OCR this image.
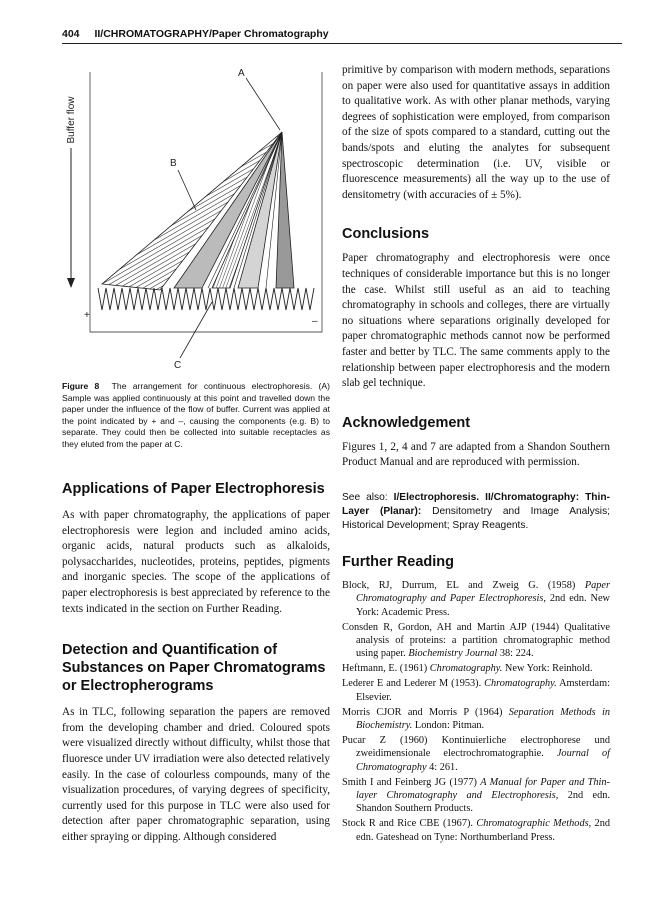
404 II/CHROMATOGRAPHY/Paper Chromatography
Buffer flow
A
B
C
+
–
Figure 8 The arrangement for continuous electrophoresis. (A) Sample was applied continuously at this point and travelled down the paper under the influence of the flow of buffer. Current was applied at the point indicated by + and –, causing the components (e.g. B) to separate. They could then be collected into suitable receptacles as they eluted from the paper at C.
Applications of Paper Electrophoresis

As with paper chromatography, the applications of paper electrophoresis were legion and included amino acids, organic acids, natural products such as alkaloids, polysaccharides, nucleotides, proteins, peptides, pigments and inorganic species. The scope of the applications of paper electrophoresis is best appreciated by reference to the texts indicated in the section on Further Reading.

Detection and Quantification of Substances on Paper Chromatograms or Electropherograms

As in TLC, following separation the papers are removed from the developing chamber and dried. Coloured spots were visualized directly without difficulty, whilst those that fluoresce under UV irradiation were also detected relatively easily. In the case of colourless compounds, many of the visualization procedures, of varying degrees of specificity, currently used for this purpose in TLC were also used for detection after paper chromatographic separation, using either spraying or dipping. Although considered

primitive by comparison with modern methods, separations on paper were also used for quantitative assays in addition to qualitative work. As with other planar methods, varying degrees of sophistication were employed, from comparison of the size of spots compared to a standard, cutting out the bands/spots and eluting the analytes for subsequent spectroscopic determination (i.e. UV, visible or fluorescence measurements) all the way up to the use of densitometry (with accuracies of ± 5%).

Conclusions

Paper chromatography and electrophoresis were once techniques of considerable importance but this is no longer the case. Whilst still useful as an aid to teaching chromatography in schools and colleges, there are virtually no situations where separations originally developed for paper chromatographic methods cannot now be performed faster and better by TLC. The same comments apply to the relationship between paper electrophoresis and the modern slab gel technique.

Acknowledgement

Figures 1, 2, 4 and 7 are adapted from a Shandon Southern Product Manual and are reproduced with permission.

See also: I/Electrophoresis. II/Chromatography: Thin-Layer (Planar): Densitometry and Image Analysis; Historical Development; Spray Reagents.

Further Reading

Block, RJ, Durrum, EL and Zweig G. (1958) Paper Chromatography and Paper Electrophoresis, 2nd edn. New York: Academic Press.

Consden R, Gordon, AH and Martin AJP (1944) Qualitative analysis of proteins: a partition chromatographic method using paper. Biochemistry Journal 38: 224.

Heftmann, E. (1961) Chromatography. New York: Reinhold.

Lederer E and Lederer M (1953). Chromatography. Amsterdam: Elsevier.

Morris CJOR and Morris P (1964) Separation Methods in Biochemistry. London: Pitman.

Pucar Z (1960) Kontinuierliche electrophorese und zweidimensionale electrochromatographie. Journal of Chromatography 4: 261.

Smith I and Feinberg JG (1977) A Manual for Paper and Thin-layer Chromatography and Electrophoresis, 2nd edn. Shandon Southern Products.

Stock R and Rice CBE (1967). Chromatographic Methods, 2nd edn. Gateshead on Tyne: Northumberland Press.
